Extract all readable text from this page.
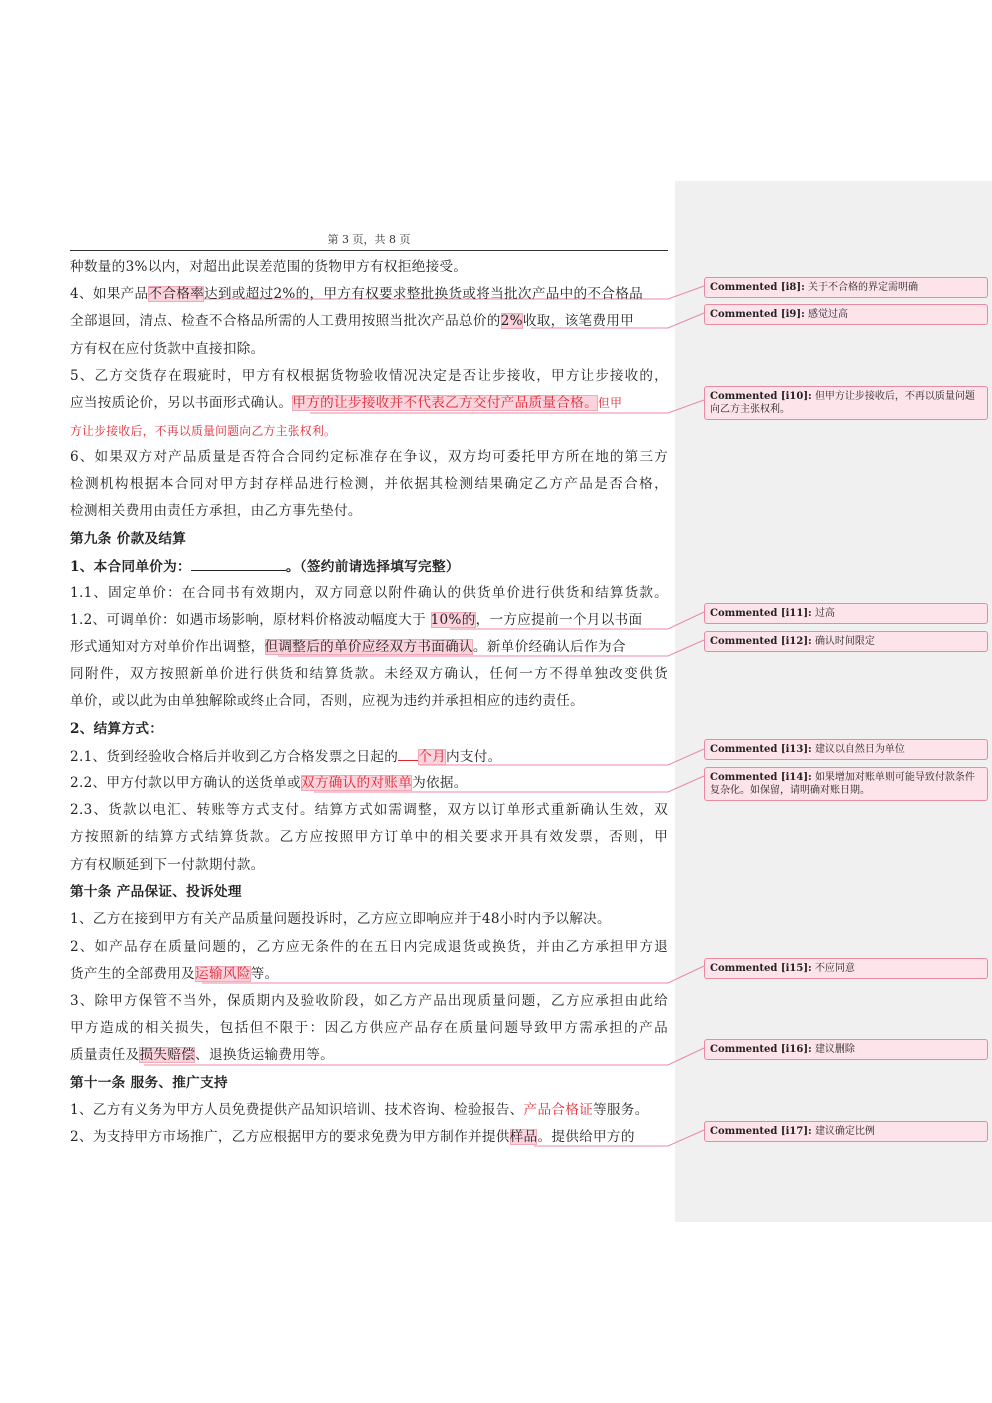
第 3 页，共 8 页
种数量的3%以内，对超出此误差范围的货物甲方有权拒绝接受。
4、如果产品不合格率达到或超过2%的，甲方有权要求整批换货或将当批次产品中的不合格品
全部退回，清点、检查不合格品所需的人工费用按照当批次产品总价的2%收取，该笔费用甲
方有权在应付货款中直接扣除。
5、乙方交货存在瑕疵时，甲方有权根据货物验收情况决定是否让步接收，甲方让步接收的，
应当按质论价，另以书面形式确认。甲方的让步接收并不代表乙方交付产品质量合格。但甲
方让步接收后，不再以质量问题向乙方主张权利。
6、如果双方对产品质量是否符合合同约定标准存在争议，双方均可委托甲方所在地的第三方
检测机构根据本合同对甲方封存样品进行检测，并依据其检测结果确定乙方产品是否合格，
检测相关费用由责任方承担，由乙方事先垫付。
第九条 价款及结算
1、本合同单价为：	。（签约前请选择填写完整）
1.1、固定单价：在合同书有效期内，双方同意以附件确认的供货单价进行供货和结算货款。
1.2、可调单价：如遇市场影响，原材料价格波动幅度大于 10%的，一方应提前一个月以书面
形式通知对方对单价作出调整，但调整后的单价应经双方书面确认。新单价经确认后作为合
同附件，双方按照新单价进行供货和结算货款。未经双方确认，任何一方不得单独改变供货
单价，或以此为由单独解除或终止合同，否则，应视为违约并承担相应的违约责任。
2、结算方式：
2.1、货到经验收合格后并收到乙方合格发票之日起的 个月内支付。
2.2、甲方付款以甲方确认的送货单或双方确认的对账单为依据。
2.3、货款以电汇、转账等方式支付。结算方式如需调整，双方以订单形式重新确认生效，双
方按照新的结算方式结算货款。乙方应按照甲方订单中的相关要求开具有效发票，否则，甲
方有权顺延到下一付款期付款。
第十条 产品保证、投诉处理
1、乙方在接到甲方有关产品质量问题投诉时，乙方应立即响应并于48小时内予以解决。
2、如产品存在质量问题的，乙方应无条件的在五日内完成退货或换货，并由乙方承担甲方退
货产生的全部费用及运输风险等。
3、除甲方保管不当外，保质期内及验收阶段，如乙方产品出现质量问题，乙方应承担由此给
甲方造成的相关损失，包括但不限于：因乙方供应产品存在质量问题导致甲方需承担的产品
质量责任及损失赔偿、退换货运输费用等。
第十一条 服务、推广支持
1、乙方有义务为甲方人员免费提供产品知识培训、技术咨询、检验报告、产品合格证等服务。
2、为支持甲方市场推广，乙方应根据甲方的要求免费为甲方制作并提供样品。提供给甲方的
Commented [i8]: 关于不合格的界定需明确
Commented [i9]: 感觉过高
Commented [i10]: 但甲方让步接收后，不再以质量问题向乙方主张权利。
Commented [i11]: 过高
Commented [i12]: 确认时间限定
Commented [i13]: 建议以自然日为单位
Commented [i14]: 如果增加对账单则可能导致付款条件复杂化。如保留，请明确对账日期。
Commented [i15]: 不应同意
Commented [i16]: 建议删除
Commented [i17]: 建议确定比例
